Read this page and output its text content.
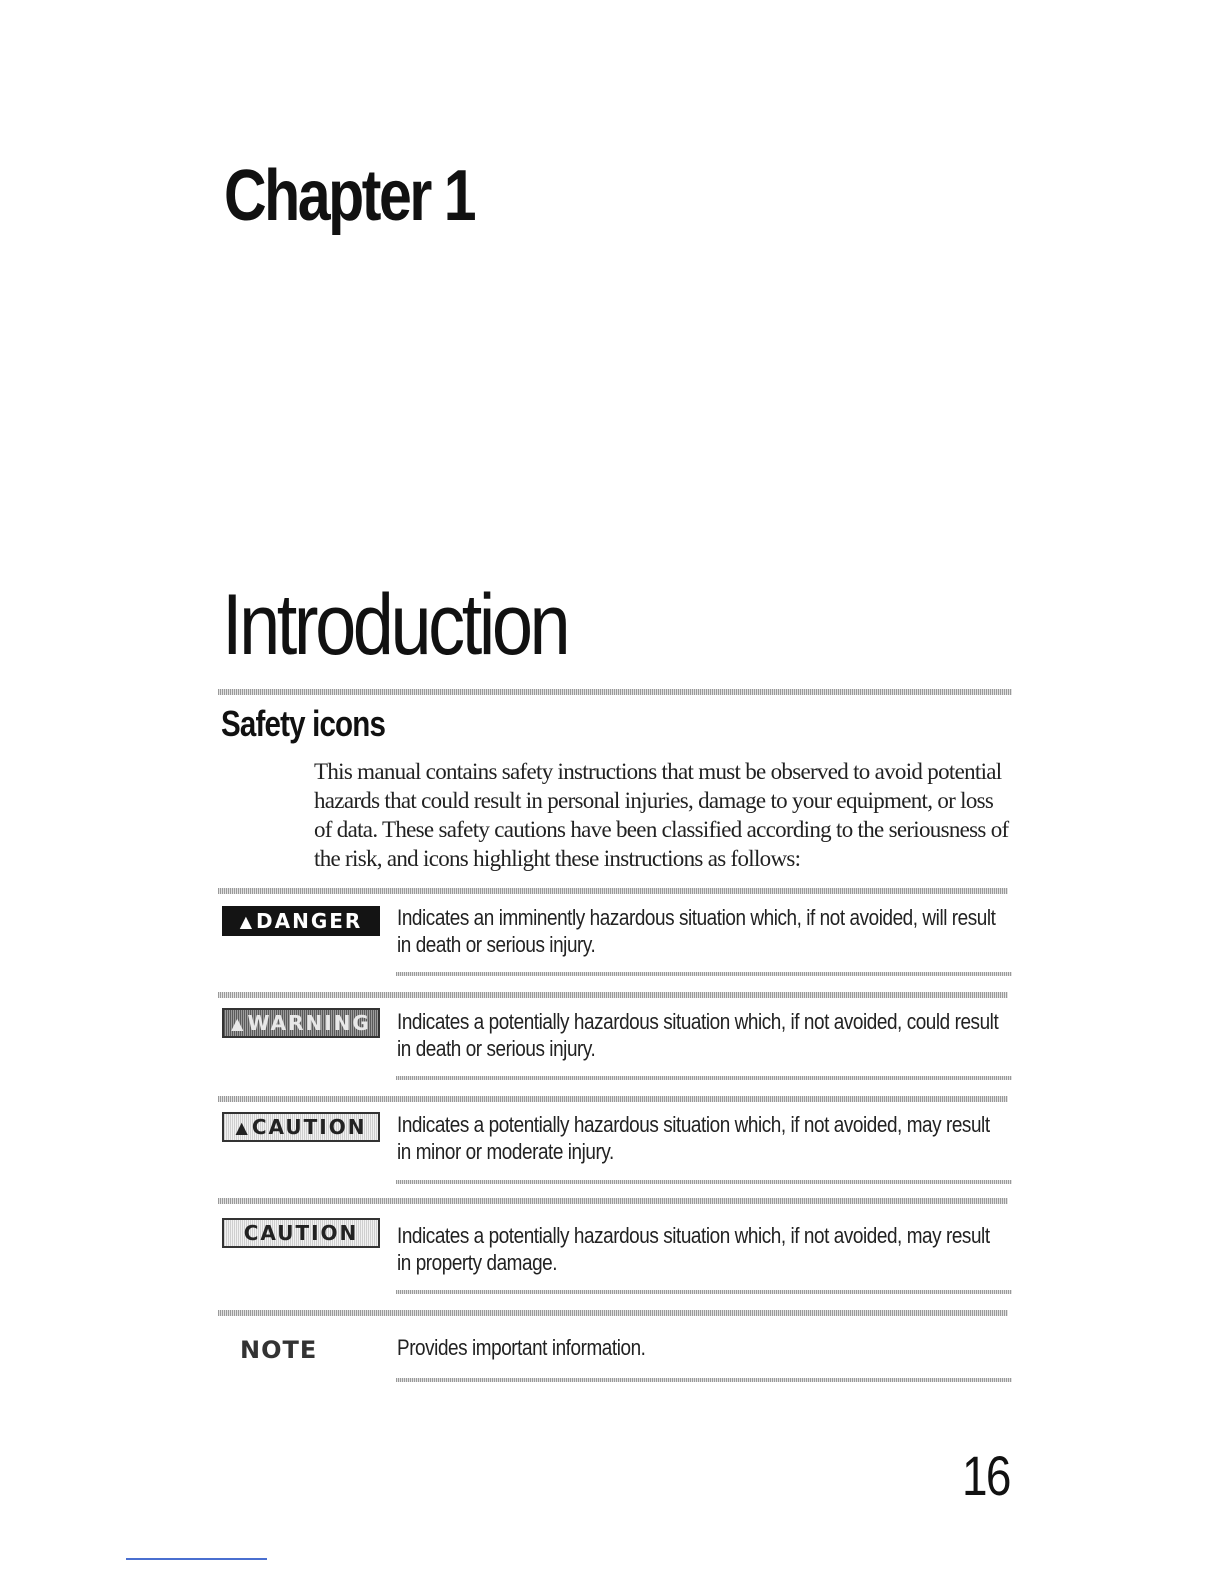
Chapter 1
Introduction
Safety icons
This manual contains safety instructions that must be observed to avoid potential hazards that could result in personal injuries, damage to your equipment, or loss of data. These safety cautions have been classified according to the seriousness of the risk, and icons highlight these instructions as follows:
▲ DANGER Indicates an imminently hazardous situation which, if not avoided, will result
in death or serious injury.
▲ WARNING Indicates a potentially hazardous situation which, if not avoided, could result
in death or serious injury.
▲ CAUTION Indicates a potentially hazardous situation which, if not avoided, may result
in minor or moderate injury.
CAUTION Indicates a potentially hazardous situation which, if not avoided, may result
in property damage.
NOTE	Provides important information.
16
